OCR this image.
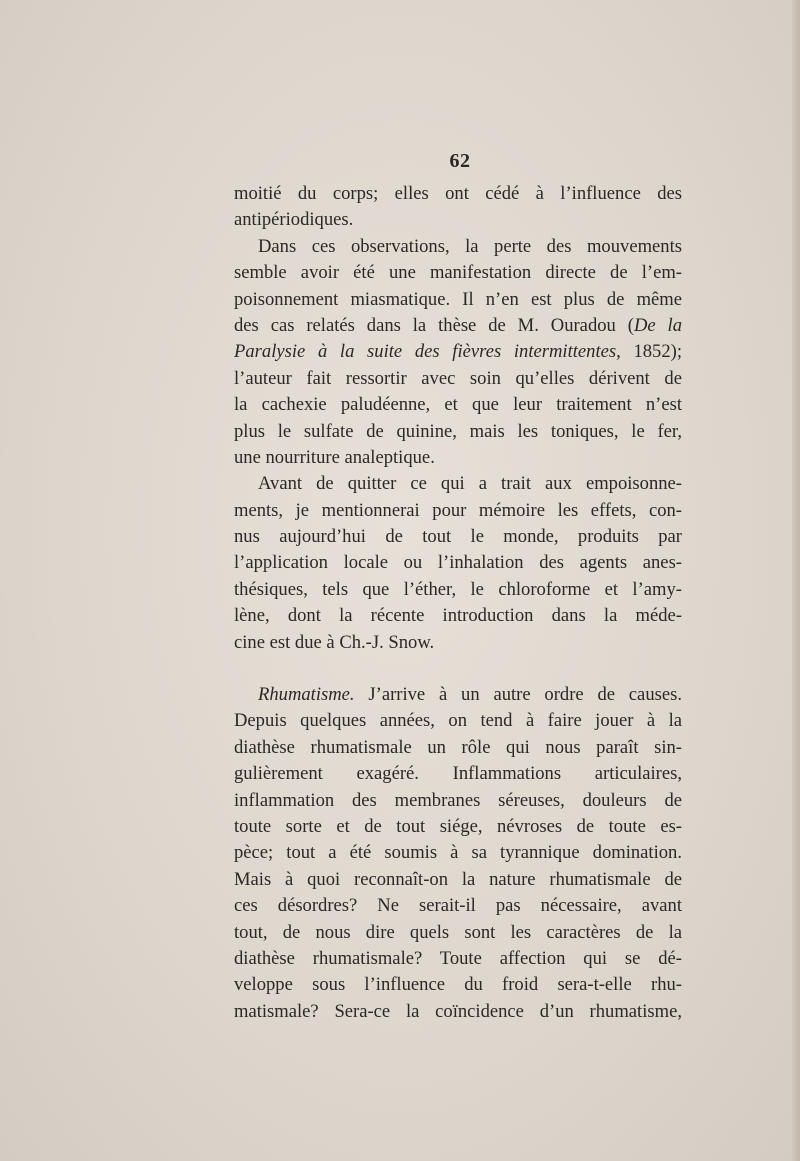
62
moitié du corps; elles ont cédé à l’influence des
antipériodiques.
Dans ces observations, la perte des mouvements
semble avoir été une manifestation directe de l’em-
poisonnement miasmatique. Il n’en est plus de même
des cas relatés dans la thèse de M. Ouradou (De la
Paralysie à la suite des fièvres intermittentes, 1852);
l’auteur fait ressortir avec soin qu’elles dérivent de
la cachexie paludéenne, et que leur traitement n’est
plus le sulfate de quinine, mais les toniques, le fer,
une nourriture analeptique.
Avant de quitter ce qui a trait aux empoisonne-
ments, je mentionnerai pour mémoire les effets, con-
nus aujourd’hui de tout le monde, produits par
l’application locale ou l’inhalation des agents anes-
thésiques, tels que l’éther, le chloroforme et l’amy-
lène, dont la récente introduction dans la méde-
cine est due à Ch.-J. Snow.
Rhumatisme. J’arrive à un autre ordre de causes.
Depuis quelques années, on tend à faire jouer à la
diathèse rhumatismale un rôle qui nous paraît sin-
gulièrement exagéré. Inflammations articulaires,
inflammation des membranes séreuses, douleurs de
toute sorte et de tout siége, névroses de toute es-
pèce; tout a été soumis à sa tyrannique domination.
Mais à quoi reconnaît-on la nature rhumatismale de
ces désordres? Ne serait-il pas nécessaire, avant
tout, de nous dire quels sont les caractères de la
diathèse rhumatismale? Toute affection qui se dé-
veloppe sous l’influence du froid sera-t-elle rhu-
matismale? Sera-ce la coïncidence d’un rhumatisme,
